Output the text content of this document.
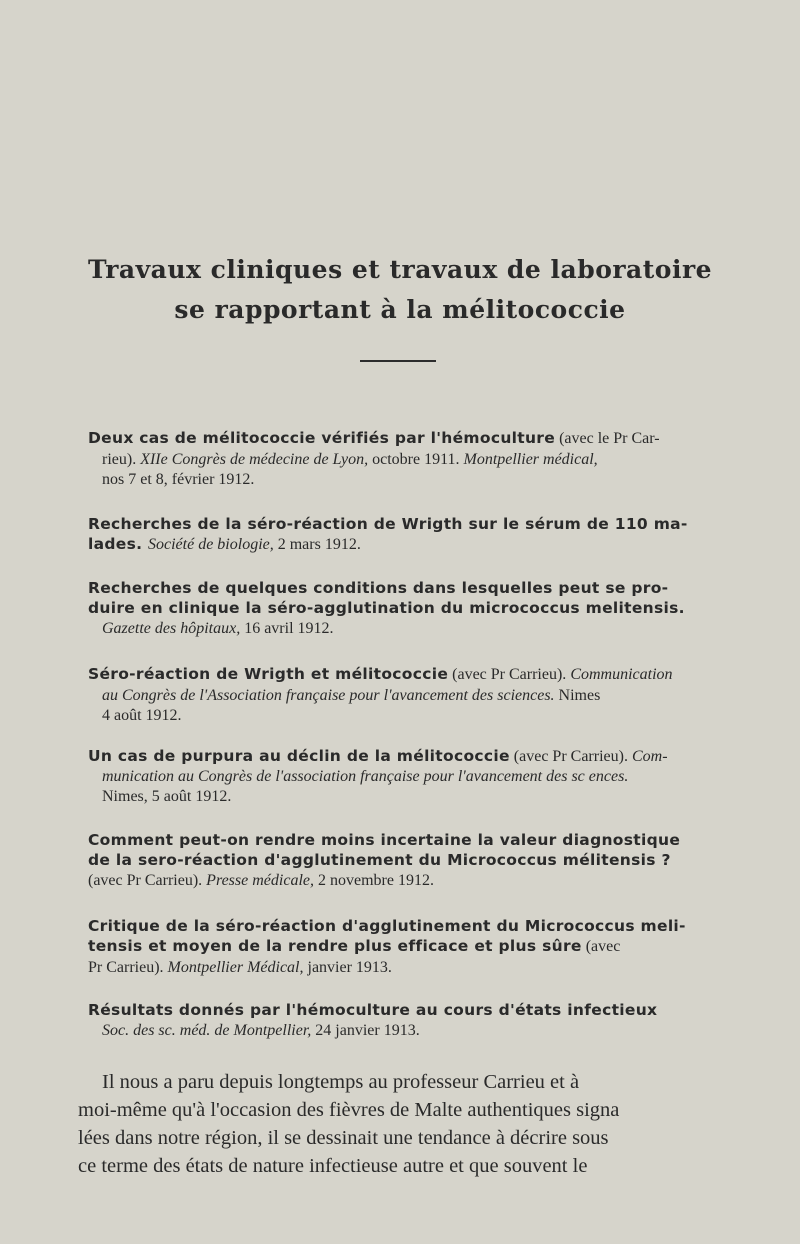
Travaux cliniques et travaux de laboratoire
se rapportant à la mélitococcie
Deux cas de mélitococcie vérifiés par l'hémoculture (avec le Pr Car-
rieu). XIIe Congrès de médecine de Lyon, octobre 1911. Montpellier médical,
nos 7 et 8, février 1912.
Recherches de la séro-réaction de Wrigth sur le sérum de 110 ma-
lades. Société de biologie, 2 mars 1912.
Recherches de quelques conditions dans lesquelles peut se pro-
duire en clinique la séro-agglutination du micrococcus melitensis.
Gazette des hôpitaux, 16 avril 1912.
Séro-réaction de Wrigth et mélitococcie (avec Pr Carrieu). Communication
au Congrès de l'Association française pour l'avancement des sciences. Nimes
4 août 1912.
Un cas de purpura au déclin de la mélitococcie (avec Pr Carrieu). Com-
munication au Congrès de l'association française pour l'avancement des sc ences.
Nimes, 5 août 1912.
Comment peut-on rendre moins incertaine la valeur diagnostique
de la sero-réaction d'agglutinement du Micrococcus mélitensis ?
(avec Pr Carrieu). Presse médicale, 2 novembre 1912.
Critique de la séro-réaction d'agglutinement du Micrococcus meli-
tensis et moyen de la rendre plus efficace et plus sûre (avec
Pr Carrieu). Montpellier Médical, janvier 1913.
Résultats donnés par l'hémoculture au cours d'états infectieux
Soc. des sc. méd. de Montpellier, 24 janvier 1913.
Il nous a paru depuis longtemps au professeur Carrieu et à
moi-même qu'à l'occasion des fièvres de Malte authentiques signa
lées dans notre région, il se dessinait une tendance à décrire sous
ce terme des états de nature infectieuse autre et que souvent le
